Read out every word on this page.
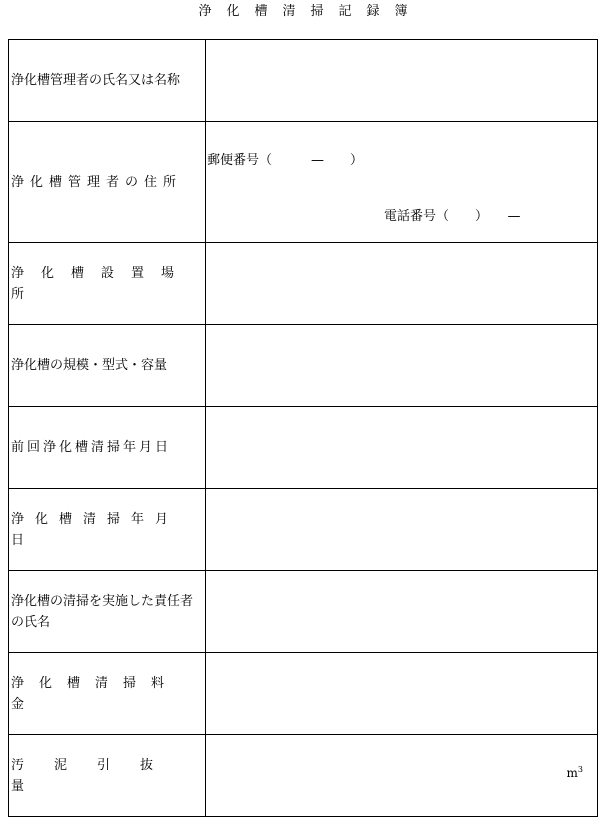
浄化槽清掃記録簿
浄化槽管理者の氏名又は名称	
浄化槽管理者の住所	郵便番号（　　　—　　）
電話番号（　　）　　—

浄化槽設置場所	
浄化槽の規模・型式・容量	
前回浄化槽清掃年月日	
浄化槽清掃年月日	
浄化槽の清掃を実施した責任者の氏名	
浄化槽清掃料金	
汚泥引抜量	$m^3$
